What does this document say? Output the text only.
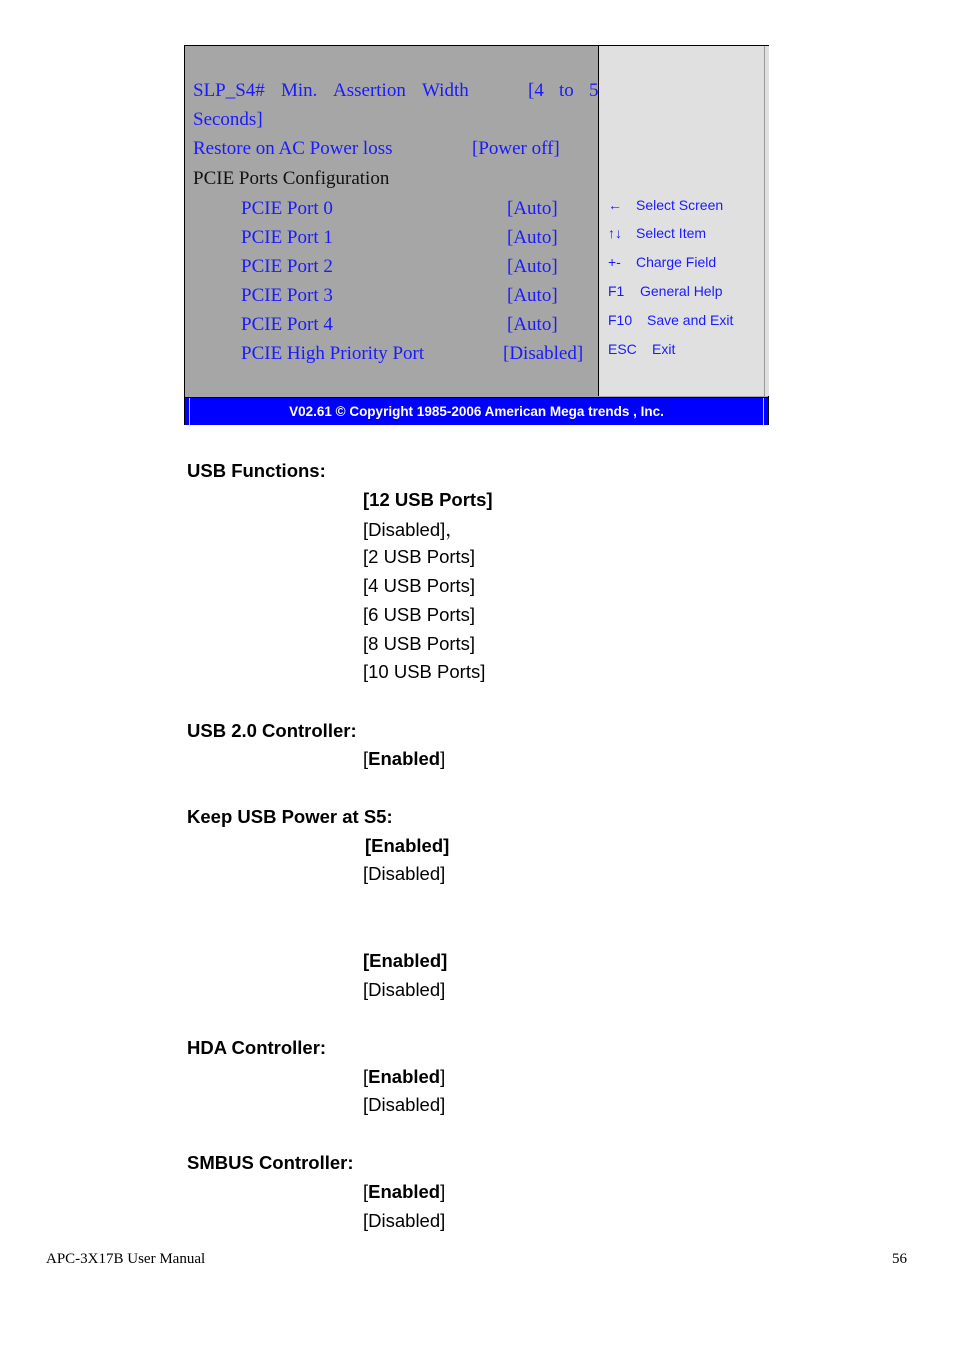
SLP_S4# Min. Assertion Width	[4 to 5
Seconds]
Restore on AC Power loss	[Power off]
PCIE Ports Configuration
PCIE Port 0	[Auto]
PCIE Port 1	[Auto]
PCIE Port 2	[Auto]
PCIE Port 3	[Auto]
PCIE Port 4	[Auto]
PCIE High Priority Port	[Disabled]
← Select Screen
↑↓ Select Item
+- Charge Field
F1 General Help
F10 Save and Exit
ESC Exit
V02.61 © Copyright 1985-2006 American Mega trends , Inc.
USB Functions:
[12 USB Ports]
[Disabled]，
[2 USB Ports]
[4 USB Ports]
[6 USB Ports]
[8 USB Ports]
[10 USB Ports]
USB 2.0 Controller:
[Enabled]
Keep USB Power at S5:
[Enabled]
[Disabled]
[Enabled]
[Disabled]
HDA Controller:
[Enabled]
[Disabled]
SMBUS Controller:
[Enabled]
[Disabled]
APC-3X17B User Manual	56
